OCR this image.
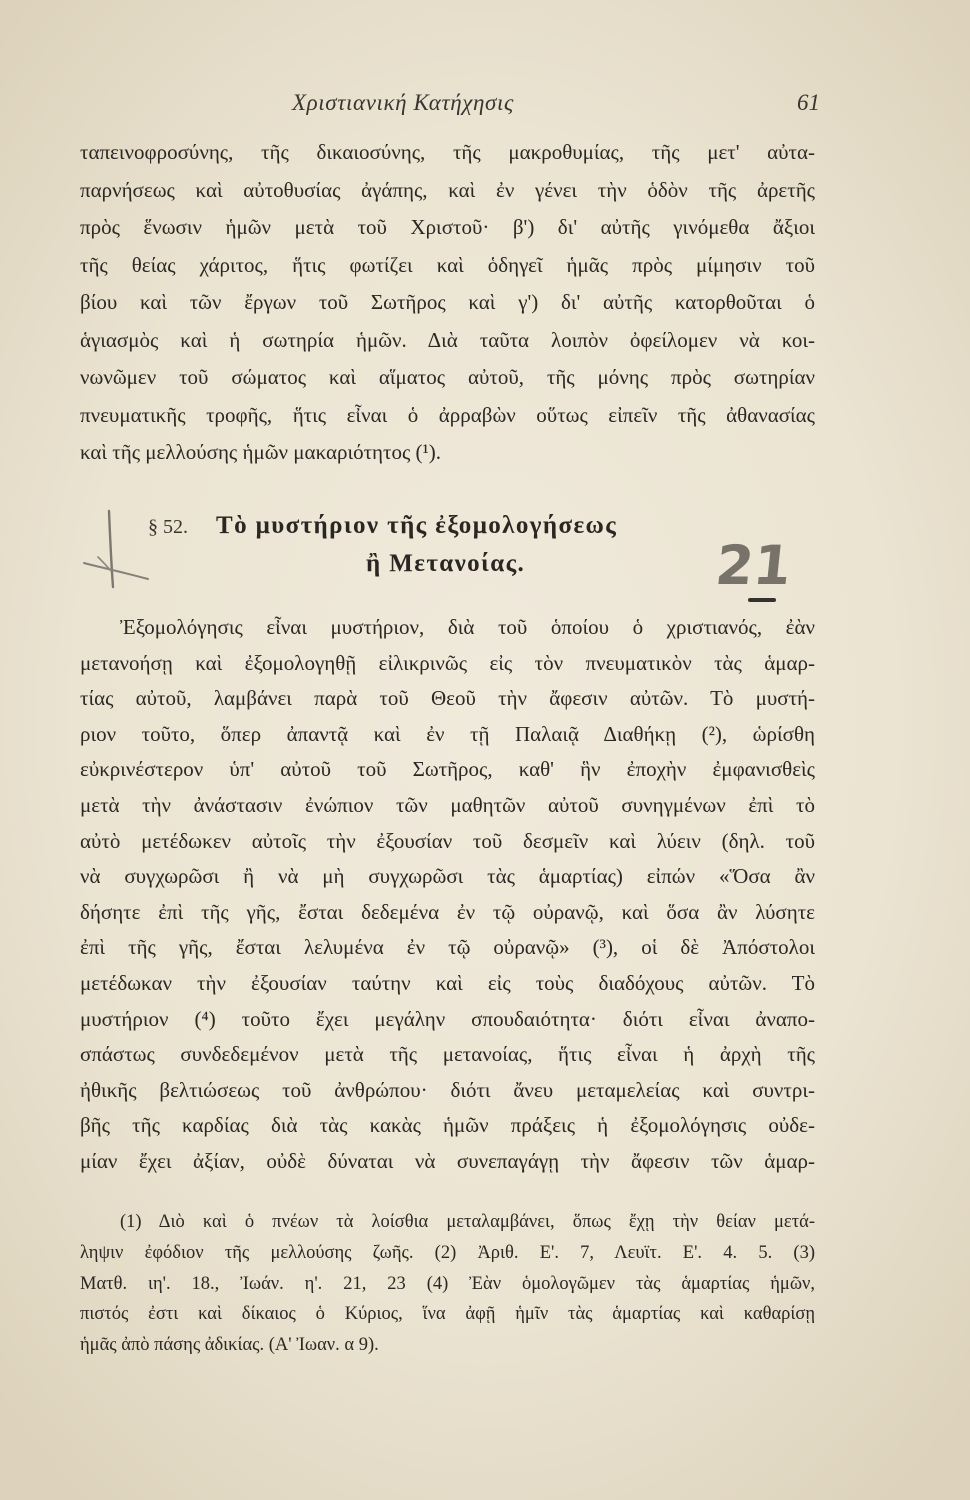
Χριστιανική Κατήχησις	61
ταπεινοφροσύνης, τῆς δικαιοσύνης, τῆς μακροθυμίας, τῆς μετ' αὐτα-
παρνήσεως καὶ αὐτοθυσίας ἀγάπης, καὶ ἐν γένει τὴν ὁδὸν τῆς ἀρετῆς
πρὸς ἕνωσιν ἡμῶν μετὰ τοῦ Χριστοῦ· β') δι' αὐτῆς γινόμεθα ἄξιοι
τῆς θείας χάριτος, ἥτις φωτίζει καὶ ὁδηγεῖ ἡμᾶς πρὸς μίμησιν τοῦ
βίου καὶ τῶν ἔργων τοῦ Σωτῆρος καὶ γ') δι' αὐτῆς κατορθοῦται ὁ
ἁγιασμὸς καὶ ἡ σωτηρία ἡμῶν. Διὰ ταῦτα λοιπὸν ὀφείλομεν νὰ κοι-
νωνῶμεν τοῦ σώματος καὶ αἵματος αὐτοῦ, τῆς μόνης πρὸς σωτηρίαν
πνευματικῆς τροφῆς, ἥτις εἶναι ὁ ἀρραβὼν οὕτως εἰπεῖν τῆς ἀθανασίας
καὶ τῆς μελλούσης ἡμῶν μακαριότητος (¹).
§ 52. Τὸ μυστήριον τῆς ἐξομολογήσεως
ἢ Μετανοίας.	21
Ἐξομολόγησις εἶναι μυστήριον, διὰ τοῦ ὁποίου ὁ χριστιανός, ἐὰν
μετανοήσῃ καὶ ἐξομολογηθῇ εἰλικρινῶς εἰς τὸν πνευματικὸν τὰς ἁμαρ-
τίας αὐτοῦ, λαμβάνει παρὰ τοῦ Θεοῦ τὴν ἄφεσιν αὐτῶν. Τὸ μυστή-
ριον τοῦτο, ὅπερ ἀπαντᾷ καὶ ἐν τῇ Παλαιᾷ Διαθήκῃ (²), ὡρίσθη
εὐκρινέστερον ὑπ' αὐτοῦ τοῦ Σωτῆρος, καθ' ἣν ἐποχὴν ἐμφανισθεὶς
μετὰ τὴν ἀνάστασιν ἐνώπιον τῶν μαθητῶν αὐτοῦ συνηγμένων ἐπὶ τὸ
αὐτὸ μετέδωκεν αὐτοῖς τὴν ἐξουσίαν τοῦ δεσμεῖν καὶ λύειν (δηλ. τοῦ
νὰ συγχωρῶσι ἢ νὰ μὴ συγχωρῶσι τὰς ἁμαρτίας) εἰπών «Ὅσα ἂν
δήσητε ἐπὶ τῆς γῆς, ἔσται δεδεμένα ἐν τῷ οὐρανῷ, καὶ ὅσα ἂν λύσητε
ἐπὶ τῆς γῆς, ἔσται λελυμένα ἐν τῷ οὐρανῷ» (³), οἱ δὲ Ἀπόστολοι
μετέδωκαν τὴν ἐξουσίαν ταύτην καὶ εἰς τοὺς διαδόχους αὐτῶν. Τὸ
μυστήριον (⁴) τοῦτο ἔχει μεγάλην σπουδαιότητα· διότι εἶναι ἀναπο-
σπάστως συνδεδεμένον μετὰ τῆς μετανοίας, ἥτις εἶναι ἡ ἀρχὴ τῆς
ἠθικῆς βελτιώσεως τοῦ ἀνθρώπου· διότι ἄνευ μεταμελείας καὶ συντρι-
βῆς τῆς καρδίας διὰ τὰς κακὰς ἡμῶν πράξεις ἡ ἐξομολόγησις οὐδε-
μίαν ἔχει ἀξίαν, οὐδὲ δύναται νὰ συνεπαγάγῃ τὴν ἄφεσιν τῶν ἁμαρ-
(1) Διὸ καὶ ὁ πνέων τὰ λοίσθια μεταλαμβάνει, ὅπως ἔχῃ τὴν θείαν μετά-
ληψιν ἐφόδιον τῆς μελλούσης ζωῆς. (2) Ἀριθ. Ε'. 7, Λευϊτ. Ε'. 4. 5. (3)
Ματθ. ιη'. 18., Ἰωάν. η'. 21, 23 (4) Ἐὰν ὁμολογῶμεν τὰς ἁμαρτίας ἡμῶν,
πιστός ἐστι καὶ δίκαιος ὁ Κύριος, ἵνα ἀφῇ ἡμῖν τὰς ἁμαρτίας καὶ καθαρίσῃ
ἡμᾶς ἀπὸ πάσης ἀδικίας. (Α' Ἰωαν. α 9).
